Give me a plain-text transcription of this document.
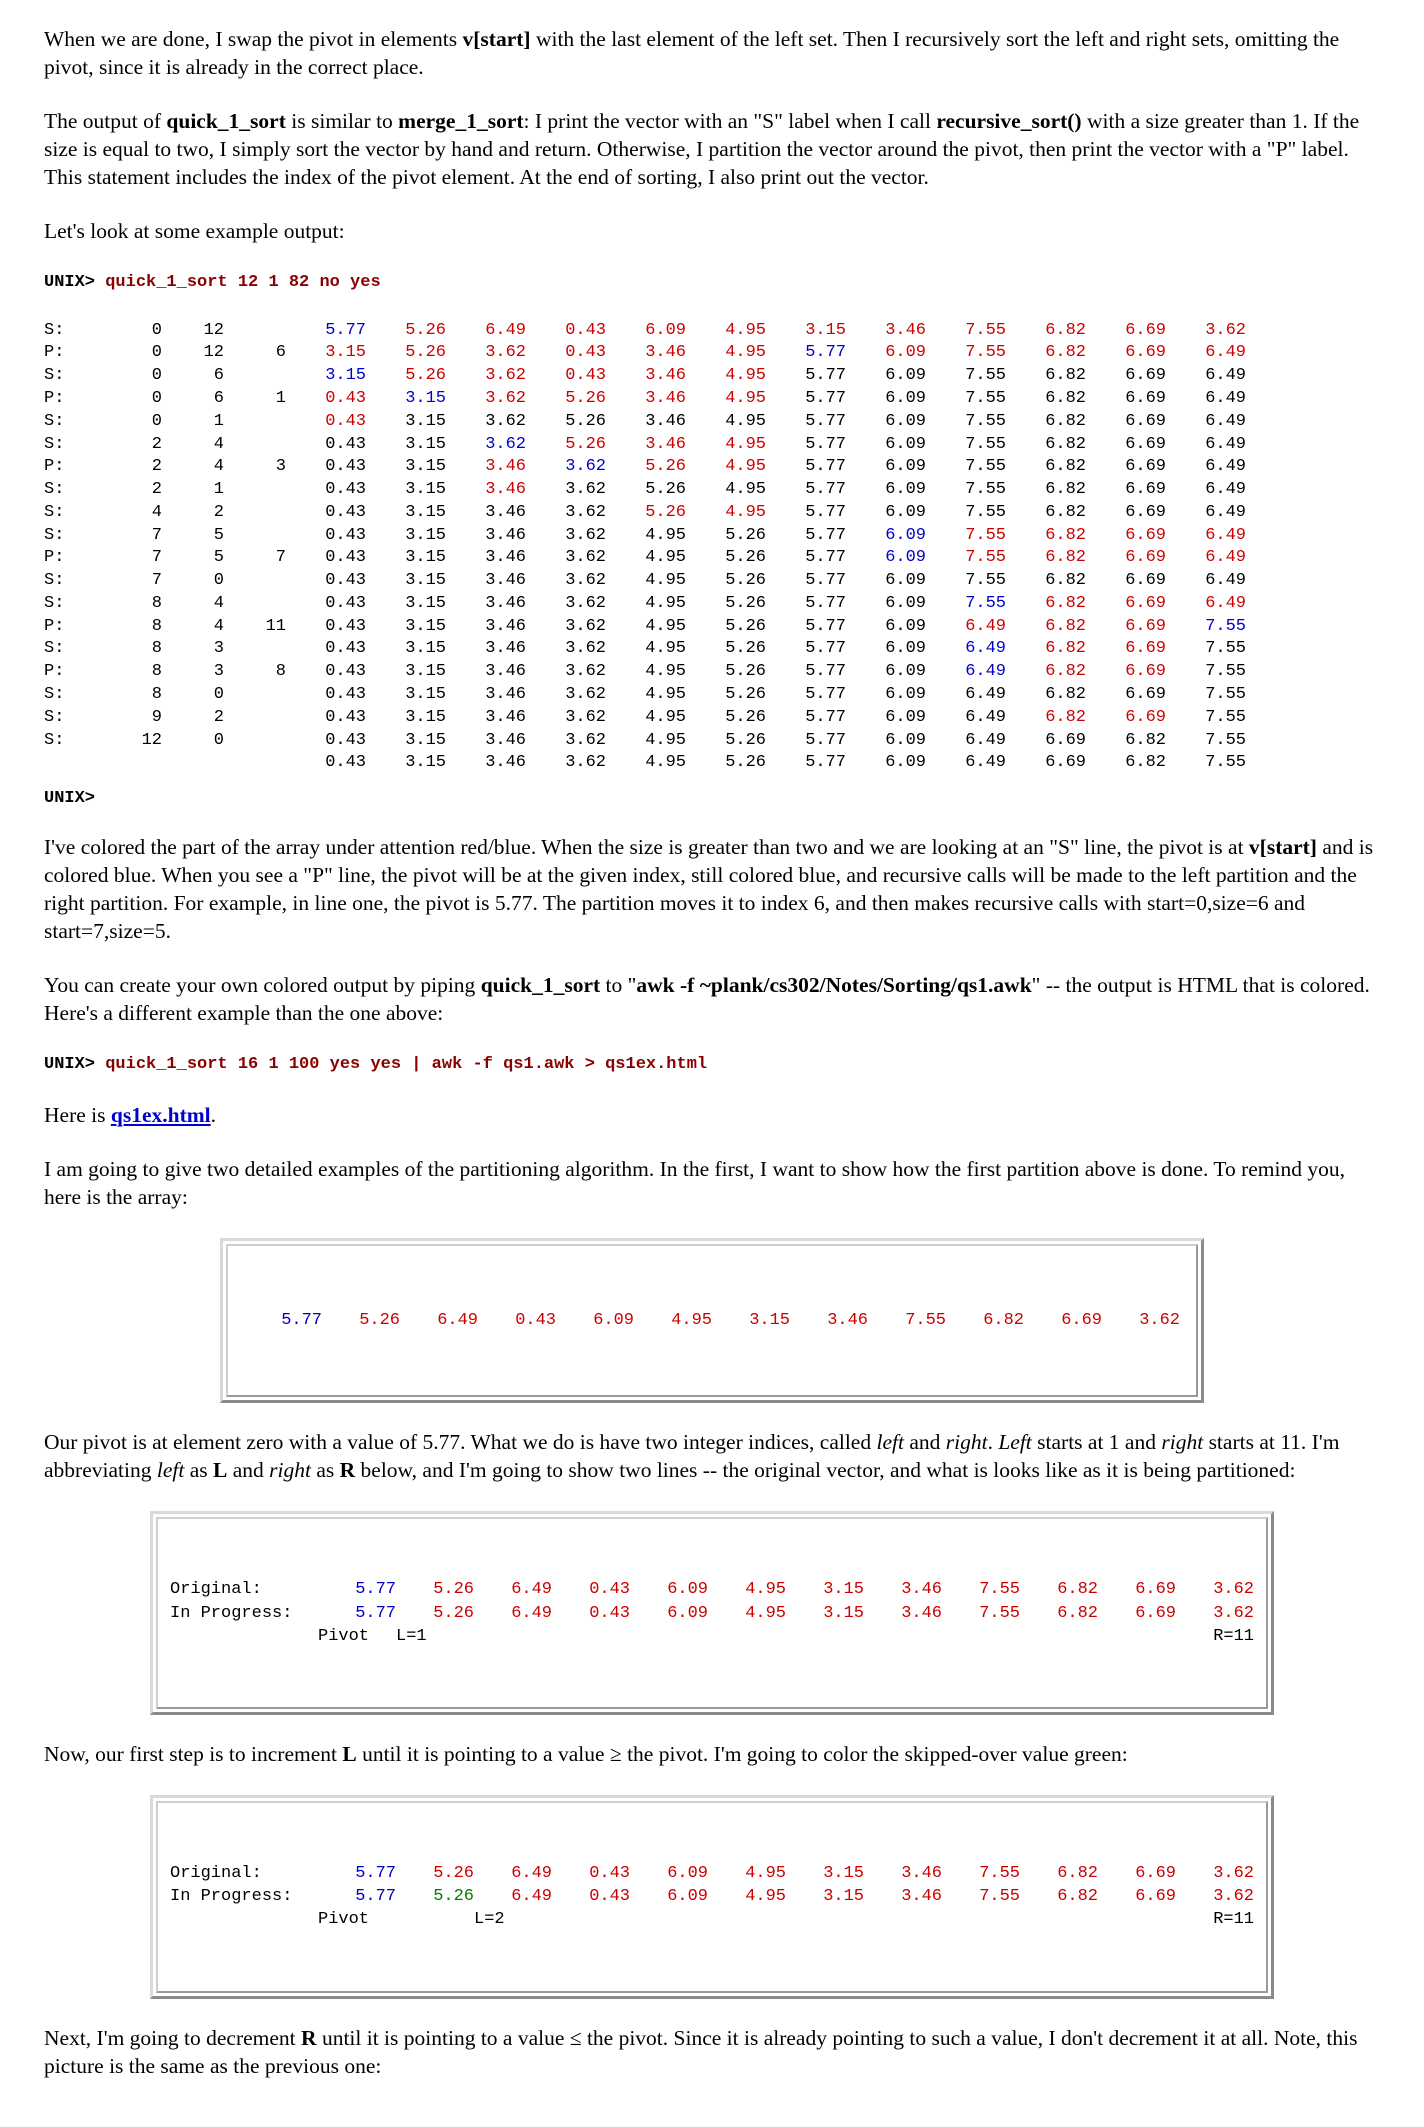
When we are done, I swap the pivot in elements v[start] with the last element of the left set. Then I recursively sort the left and right sets, omitting the pivot, since it is already in the correct place.

The output of quick_1_sort is similar to merge_1_sort: I print the vector with an "S" label when I call recursive_sort() with a size greater than 1. If the size is equal to two, I simply sort the vector by hand and return. Otherwise, I partition the vector around the pivot, then print the vector with a "P" label. This statement includes the index of the pivot element. At the end of sorting, I also print out the vector.

Let's look at some example output:

UNIX> quick_1_sort 12 1 82 no yes
S:	0	12		5.77	5.26	6.49	0.43	6.09	4.95	3.15	3.46	7.55	6.82	6.69	3.62
P:	0	12	6	3.15	5.26	3.62	0.43	3.46	4.95	5.77	6.09	7.55	6.82	6.69	6.49
S:	0	6		3.15	5.26	3.62	0.43	3.46	4.95	5.77	6.09	7.55	6.82	6.69	6.49
P:	0	6	1	0.43	3.15	3.62	5.26	3.46	4.95	5.77	6.09	7.55	6.82	6.69	6.49
S:	0	1		0.43	3.15	3.62	5.26	3.46	4.95	5.77	6.09	7.55	6.82	6.69	6.49
S:	2	4		0.43	3.15	3.62	5.26	3.46	4.95	5.77	6.09	7.55	6.82	6.69	6.49
P:	2	4	3	0.43	3.15	3.46	3.62	5.26	4.95	5.77	6.09	7.55	6.82	6.69	6.49
S:	2	1		0.43	3.15	3.46	3.62	5.26	4.95	5.77	6.09	7.55	6.82	6.69	6.49
S:	4	2		0.43	3.15	3.46	3.62	5.26	4.95	5.77	6.09	7.55	6.82	6.69	6.49
S:	7	5		0.43	3.15	3.46	3.62	4.95	5.26	5.77	6.09	7.55	6.82	6.69	6.49
P:	7	5	7	0.43	3.15	3.46	3.62	4.95	5.26	5.77	6.09	7.55	6.82	6.69	6.49
S:	7	0		0.43	3.15	3.46	3.62	4.95	5.26	5.77	6.09	7.55	6.82	6.69	6.49
S:	8	4		0.43	3.15	3.46	3.62	4.95	5.26	5.77	6.09	7.55	6.82	6.69	6.49
P:	8	4	11	0.43	3.15	3.46	3.62	4.95	5.26	5.77	6.09	6.49	6.82	6.69	7.55
S:	8	3		0.43	3.15	3.46	3.62	4.95	5.26	5.77	6.09	6.49	6.82	6.69	7.55
P:	8	3	8	0.43	3.15	3.46	3.62	4.95	5.26	5.77	6.09	6.49	6.82	6.69	7.55
S:	8	0		0.43	3.15	3.46	3.62	4.95	5.26	5.77	6.09	6.49	6.82	6.69	7.55
S:	9	2		0.43	3.15	3.46	3.62	4.95	5.26	5.77	6.09	6.49	6.82	6.69	7.55
S:	12	0		0.43	3.15	3.46	3.62	4.95	5.26	5.77	6.09	6.49	6.69	6.82	7.55
				0.43	3.15	3.46	3.62	4.95	5.26	5.77	6.09	6.49	6.69	6.82	7.55
UNIX>

I've colored the part of the array under attention red/blue. When the size is greater than two and we are looking at an "S" line, the pivot is at v[start] and is colored blue. When you see a "P" line, the pivot will be at the given index, still colored blue, and recursive calls will be made to the left partition and the right partition. For example, in line one, the pivot is 5.77. The partition moves it to index 6, and then makes recursive calls with start=0,size=6 and start=7,size=5.

You can create your own colored output by piping quick_1_sort to "awk -f ~plank/cs302/Notes/Sorting/qs1.awk" -- the output is HTML that is colored. Here's a different example than the one above:

UNIX> quick_1_sort 16 1 100 yes yes | awk -f qs1.awk > qs1ex.html

Here is qs1ex.html.

I am going to give two detailed examples of the partitioning algorithm. In the first, I want to show how the first partition above is done. To remind you, here is the array:

5.77	5.26	6.49	0.43	6.09	4.95	3.15	3.46	7.55	6.82	6.69	3.62

Our pivot is at element zero with a value of 5.77. What we do is have two integer indices, called left and right. Left starts at 1 and right starts at 11. I'm abbreviating left as L and right as R below, and I'm going to show two lines -- the original vector, and what is looks like as it is being partitioned:

Original:	5.77	5.26	6.49	0.43	6.09	4.95	3.15	3.46	7.55	6.82	6.69	3.62
In Progress:	5.77	5.26	6.49	0.43	6.09	4.95	3.15	3.46	7.55	6.82	6.69	3.62
	Pivot	L=1										R=11

Now, our first step is to increment L until it is pointing to a value ≥ the pivot. I'm going to color the skipped-over value green:

Original:	5.77	5.26	6.49	0.43	6.09	4.95	3.15	3.46	7.55	6.82	6.69	3.62
In Progress:	5.77	5.26	6.49	0.43	6.09	4.95	3.15	3.46	7.55	6.82	6.69	3.62
	Pivot		L=2									R=11

Next, I'm going to decrement R until it is pointing to a value ≤ the pivot. Since it is already pointing to such a value, I don't decrement it at all. Note, this picture is the same as the previous one:
